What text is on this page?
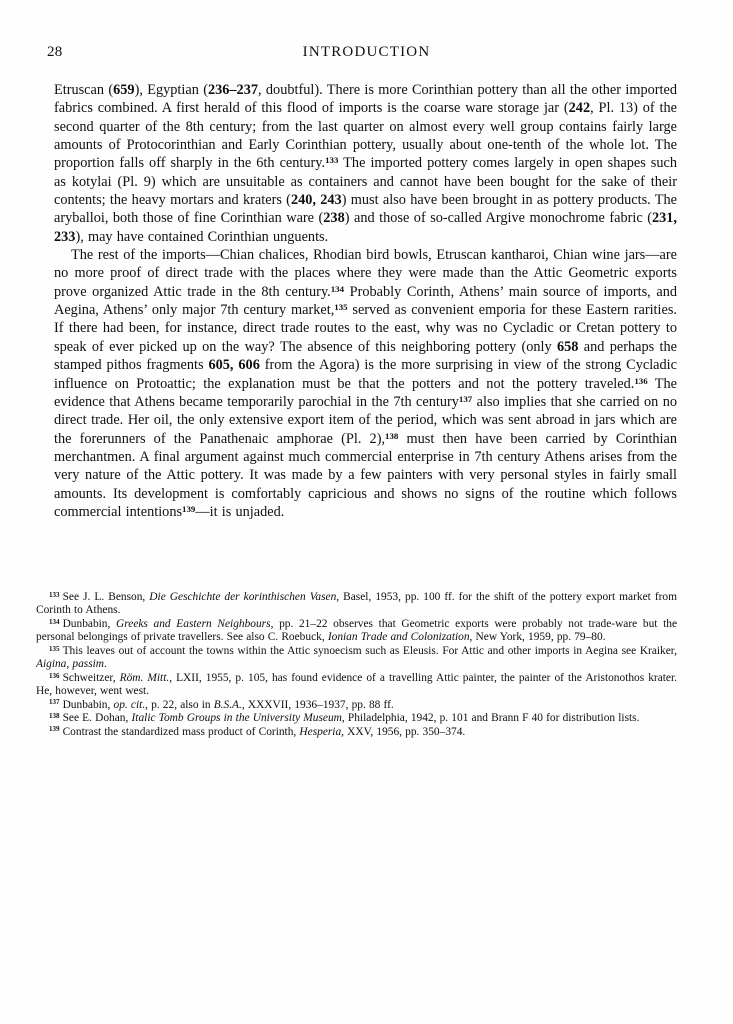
28	INTRODUCTION

Etruscan (659), Egyptian (236–237, doubtful). There is more Corinthian pottery than all the other imported fabrics combined. A first herald of this flood of imports is the coarse ware storage jar (242, Pl. 13) of the second quarter of the 8th century; from the last quarter on almost every well group contains fairly large amounts of Protocorinthian and Early Corinthian pottery, usually about one-tenth of the whole lot. The proportion falls off sharply in the 6th century.$^{133}$ The imported pottery comes largely in open shapes such as kotylai (Pl. 9) which are unsuitable as containers and cannot have been bought for the sake of their contents; the heavy mortars and kraters (240, 243) must also have been brought in as pottery products. The aryballoi, both those of fine Corinthian ware (238) and those of so-called Argive monochrome fabric (231, 233), may have contained Corinthian unguents.

The rest of the imports—Chian chalices, Rhodian bird bowls, Etruscan kantharoi, Chian wine jars—are no more proof of direct trade with the places where they were made than the Attic Geometric exports prove organized Attic trade in the 8th century.$^{134}$ Probably Corinth, Athens’ main source of imports, and Aegina, Athens’ only major 7th century market,$^{135}$ served as convenient emporia for these Eastern rarities. If there had been, for instance, direct trade routes to the east, why was no Cycladic or Cretan pottery to speak of ever picked up on the way? The absence of this neighboring pottery (only 658 and perhaps the stamped pithos fragments 605, 606 from the Agora) is the more surprising in view of the strong Cycladic influence on Protoattic; the explanation must be that the potters and not the pottery traveled.$^{136}$ The evidence that Athens became temporarily parochial in the 7th century$^{137}$ also implies that she carried on no direct trade. Her oil, the only extensive export item of the period, which was sent abroad in jars which are the forerunners of the Panathenaic amphorae (Pl. 2),$^{138}$ must then have been carried by Corinthian merchantmen. A final argument against much commercial enterprise in 7th century Athens arises from the very nature of the Attic pottery. It was made by a few painters with very personal styles in fairly small amounts. Its development is comfortably capricious and shows no signs of the routine which follows commercial intentions$^{139}$—it is unjaded.

$^{133}$ See J. L. Benson, Die Geschichte der korinthischen Vasen, Basel, 1953, pp. 100 ff. for the shift of the pottery export market from Corinth to Athens.

$^{134}$ Dunbabin, Greeks and Eastern Neighbours, pp. 21–22 observes that Geometric exports were probably not trade-ware but the personal belongings of private travellers. See also C. Roebuck, Ionian Trade and Colonization, New York, 1959, pp. 79–80.

$^{135}$ This leaves out of account the towns within the Attic synoecism such as Eleusis. For Attic and other imports in Aegina see Kraiker, Aigina, passim.

$^{136}$ Schweitzer, Röm. Mitt., LXII, 1955, p. 105, has found evidence of a travelling Attic painter, the painter of the Aristonothos krater. He, however, went west.

$^{137}$ Dunbabin, op. cit., p. 22, also in B.S.A., XXXVII, 1936–1937, pp. 88 ff.

$^{138}$ See E. Dohan, Italic Tomb Groups in the University Museum, Philadelphia, 1942, p. 101 and Brann F 40 for distribution lists.

$^{139}$ Contrast the standardized mass product of Corinth, Hesperia, XXV, 1956, pp. 350–374.
